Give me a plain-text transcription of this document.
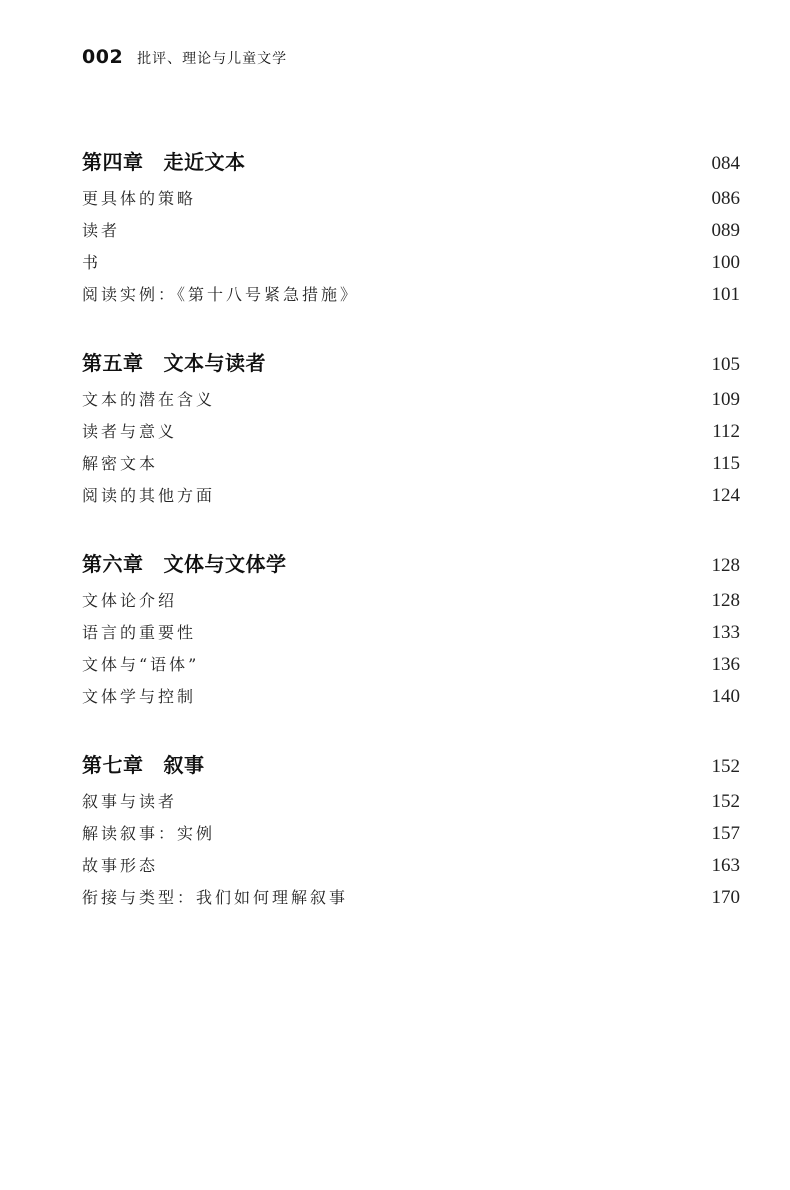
002 批评、理论与儿童文学
第四章 走近文本	084
更具体的策略	086
读者	089
书	100
阅读实例：《第十八号紧急措施》	101
第五章 文本与读者	105
文本的潜在含义	109
读者与意义	112
解密文本	115
阅读的其他方面	124
第六章 文体与文体学	128
文体论介绍	128
语言的重要性	133
文体与“语体”	136
文体学与控制	140
第七章 叙事	152
叙事与读者	152
解读叙事：实例	157
故事形态	163
衔接与类型：我们如何理解叙事	170
